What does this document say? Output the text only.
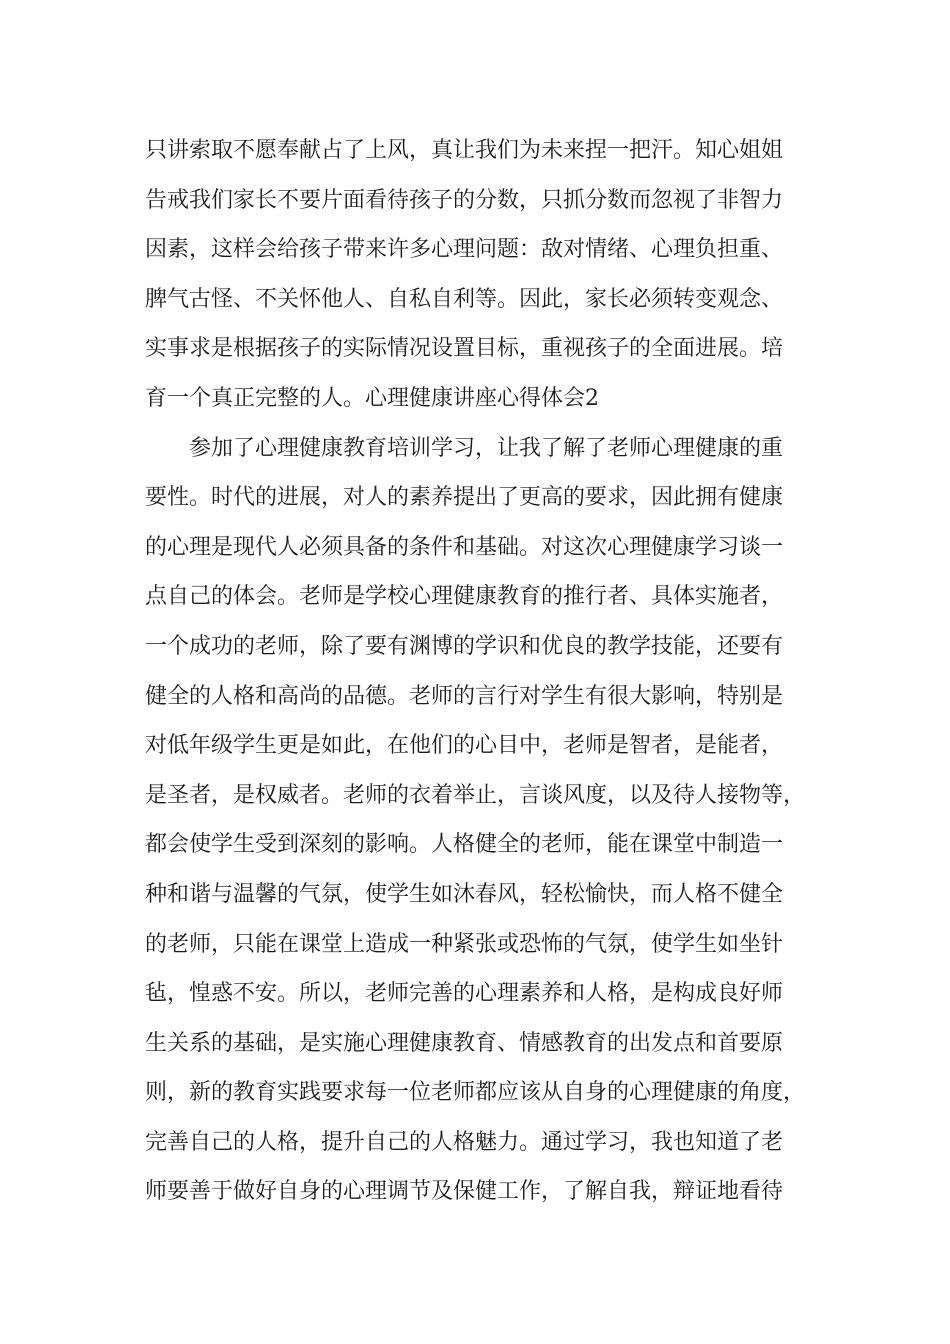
只讲索取不愿奉献占了上风，真让我们为未来捏一把汗。知心姐姐
告戒我们家长不要片面看待孩子的分数，只抓分数而忽视了非智力
因素，这样会给孩子带来许多心理问题：敌对情绪、心理负担重、
脾气古怪、不关怀他人、自私自利等。因此，家长必须转变观念、
实事求是根据孩子的实际情况设置目标，重视孩子的全面进展。培
育一个真正完整的人。心理健康讲座心得体会2
参加了心理健康教育培训学习，让我了解了老师心理健康的重
要性。时代的进展，对人的素养提出了更高的要求，因此拥有健康
的心理是现代人必须具备的条件和基础。对这次心理健康学习谈一
点自己的体会。老师是学校心理健康教育的推行者、具体实施者，
一个成功的老师，除了要有渊博的学识和优良的教学技能，还要有
健全的人格和高尚的品德。老师的言行对学生有很大影响，特别是
对低年级学生更是如此，在他们的心目中，老师是智者，是能者，
是圣者，是权威者。老师的衣着举止，言谈风度，以及待人接物等，
都会使学生受到深刻的影响。人格健全的老师，能在课堂中制造一
种和谐与温馨的气氛，使学生如沐春风，轻松愉快，而人格不健全
的老师，只能在课堂上造成一种紧张或恐怖的气氛，使学生如坐针
毡，惶惑不安。所以，老师完善的心理素养和人格，是构成良好师
生关系的基础，是实施心理健康教育、情感教育的出发点和首要原
则，新的教育实践要求每一位老师都应该从自身的心理健康的角度，
完善自己的人格，提升自己的人格魅力。通过学习，我也知道了老
师要善于做好自身的心理调节及保健工作，了解自我，辩证地看待
